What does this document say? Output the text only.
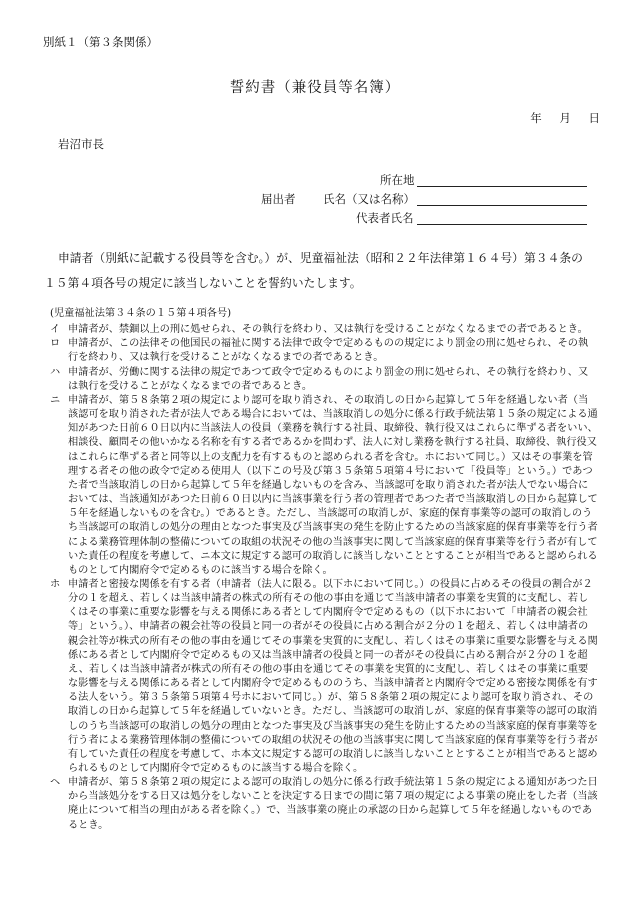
別紙１（第３条関係）
誓約書（兼役員等名簿）
年 月 日
岩沼市長
所在地
届出者 氏名（又は名称）
代表者氏名
申請者（別紙に記載する役員等を含む。）が、児童福祉法（昭和２２年法律第１６４号）第３４条の１５第４項各号の規定に該当しないことを誓約いたします。
(児童福祉法第３４条の１５第４項各号)
イ 申請者が、禁錮以上の刑に処せられ、その執行を終わり、又は執行を受けることがなくなるまでの者であるとき。
ロ 申請者が、この法律その他国民の福祉に関する法律で政令で定めるものの規定により罰金の刑に処せられ、その執行を終わり、又は執行を受けることがなくなるまでの者であるとき。
ハ 申請者が、労働に関する法律の規定であつて政令で定めるものにより罰金の刑に処せられ、その執行を終わり、又は執行を受けることがなくなるまでの者であるとき。
ニ 申請者が、第５８条第２項の規定により認可を取り消され、その取消しの日から起算して５年を経過しない者（当該認可を取り消された者が法人である場合においては、当該取消しの処分に係る行政手続法第１５条の規定による通知があつた日前６０日以内に当該法人の役員（業務を執行する社員、取締役、執行役又はこれらに準ずる者をいい、相談役、顧問その他いかなる名称を有する者であるかを問わず、法人に対し業務を執行する社員、取締役、執行役又はこれらに準ずる者と同等以上の支配力を有するものと認められる者を含む。ホにおいて同じ。）又はその事業を管理する者その他の政令で定める使用人（以下この号及び第３５条第５項第４号において「役員等」という。）であつた者で当該取消しの日から起算して５年を経過しないものを含み、当該認可を取り消された者が法人でない場合においては、当該通知があつた日前６０日以内に当該事業を行う者の管理者であつた者で当該取消しの日から起算して５年を経過しないものを含む。）であるとき。ただし、当該認可の取消しが、家庭的保育事業等の認可の取消しのうち当該認可の取消しの処分の理由となつた事実及び当該事実の発生を防止するための当該家庭的保育事業等を行う者による業務管理体制の整備についての取組の状況その他の当該事実に関して当該家庭的保育事業等を行う者が有していた責任の程度を考慮して、ニ本文に規定する認可の取消しに該当しないこととすることが相当であると認められるものとして内閣府令で定めるものに該当する場合を除く。
ホ 申請者と密接な関係を有する者（申請者（法人に限る。以下ホにおいて同じ。）の役員に占めるその役員の割合が２分の１を超え、若しくは当該申請者の株式の所有その他の事由を通じて当該申請者の事業を実質的に支配し、若しくはその事業に重要な影響を与える関係にある者として内閣府令で定めるもの（以下ホにおいて「申請者の親会社等」という。）、申請者の親会社等の役員と同一の者がその役員に占める割合が２分の１を超え、若しくは申請者の親会社等が株式の所有その他の事由を通じてその事業を実質的に支配し、若しくはその事業に重要な影響を与える関係にある者として内閣府令で定めるもの又は当該申請者の役員と同一の者がその役員に占める割合が２分の１を超え、若しくは当該申請者が株式の所有その他の事由を通じてその事業を実質的に支配し、若しくはその事業に重要な影響を与える関係にある者として内閣府令で定めるもののうち、当該申請者と内閣府令で定める密接な関係を有する法人をいう。第３５条第５項第４号ホにおいて同じ。）が、第５８条第２項の規定により認可を取り消され、その取消しの日から起算して５年を経過していないとき。ただし、当該認可の取消しが、家庭的保育事業等の認可の取消しのうち当該認可の取消しの処分の理由となつた事実及び当該事実の発生を防止するための当該家庭的保育事業等を行う者による業務管理体制の整備についての取組の状況その他の当該事実に関して当該家庭的保育事業等を行う者が有していた責任の程度を考慮して、ホ本文に規定する認可の取消しに該当しないこととすることが相当であると認められるものとして内閣府令で定めるものに該当する場合を除く。
ヘ 申請者が、第５８条第２項の規定による認可の取消しの処分に係る行政手続法第１５条の規定による通知があつた日から当該処分をする日又は処分をしないことを決定する日までの間に第７項の規定による事業の廃止をした者（当該廃止について相当の理由がある者を除く。）で、当該事業の廃止の承認の日から起算して５年を経過しないものであるとき。
